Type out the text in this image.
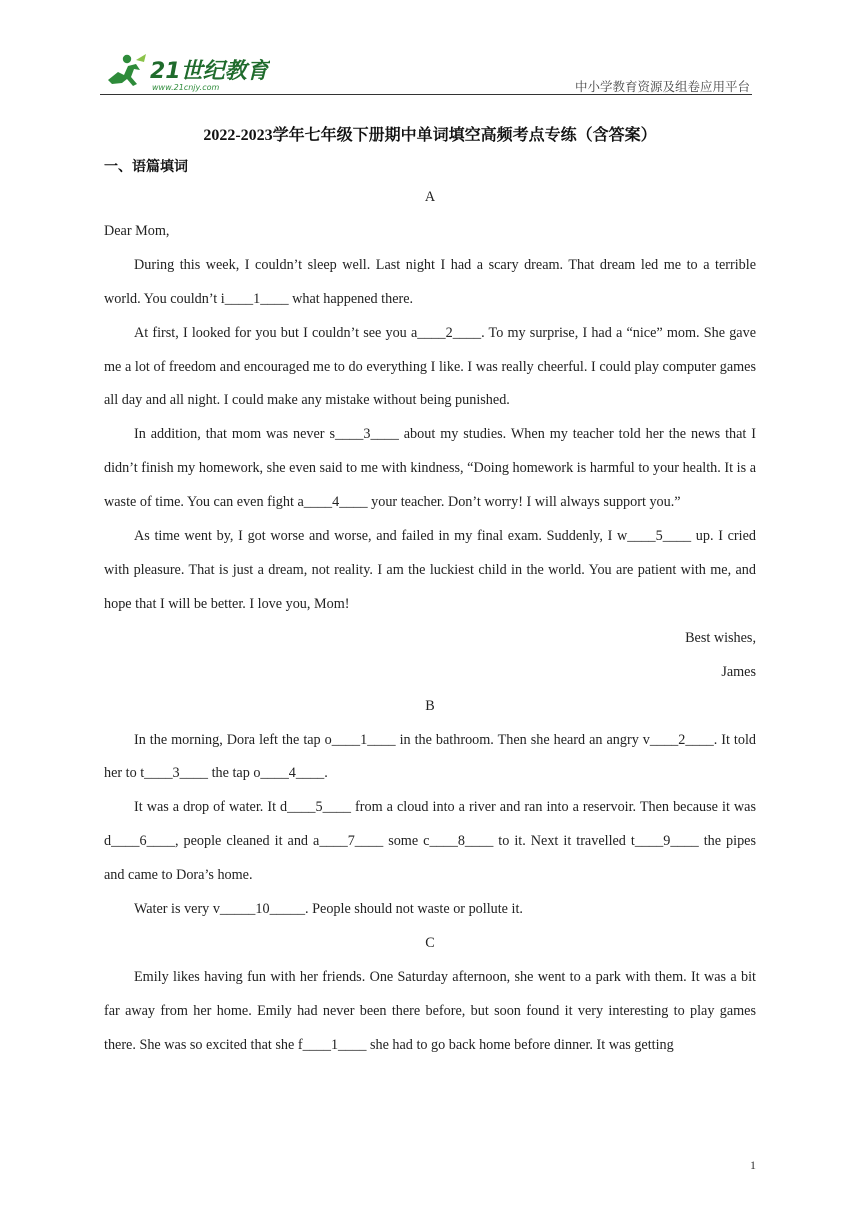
21世纪教育
www.21cnjy.com	中小学教育资源及组卷应用平台
2022-2023学年七年级下册期中单词填空高频考点专练（含答案）
一、语篇填词

A

Dear Mom,

During this week, I couldn’t sleep well. Last night I had a scary dream. That dream led me to a terrible world. You couldn’t i____1____ what happened there.

At first, I looked for you but I couldn’t see you a____2____. To my surprise, I had a “nice” mom. She gave me a lot of freedom and encouraged me to do everything I like. I was really cheerful. I could play computer games all day and all night. I could make any mistake without being punished.

In addition, that mom was never s____3____ about my studies. When my teacher told her the news that I didn’t finish my homework, she even said to me with kindness, “Doing homework is harmful to your health. It is a waste of time. You can even fight a____4____ your teacher. Don’t worry! I will always support you.”

As time went by, I got worse and worse, and failed in my final exam. Suddenly, I w____5____ up. I cried with pleasure. That is just a dream, not reality. I am the luckiest child in the world. You are patient with me, and hope that I will be better. I love you, Mom!

Best wishes,

James

B

In the morning, Dora left the tap o____1____ in the bathroom. Then she heard an angry v____2____. It told her to t____3____ the tap o____4____.

It was a drop of water. It d____5____ from a cloud into a river and ran into a reservoir. Then because it was d____6____, people cleaned it and a____7____ some c____8____ to it. Next it travelled t____9____ the pipes and came to Dora’s home.

Water is very v_____10_____. People should not waste or pollute it.

C

Emily likes having fun with her friends. One Saturday afternoon, she went to a park with them. It was a bit far away from her home. Emily had never been there before, but soon found it very interesting to play games there. She was so excited that she f____1____ she had to go back home before dinner. It was getting

1
